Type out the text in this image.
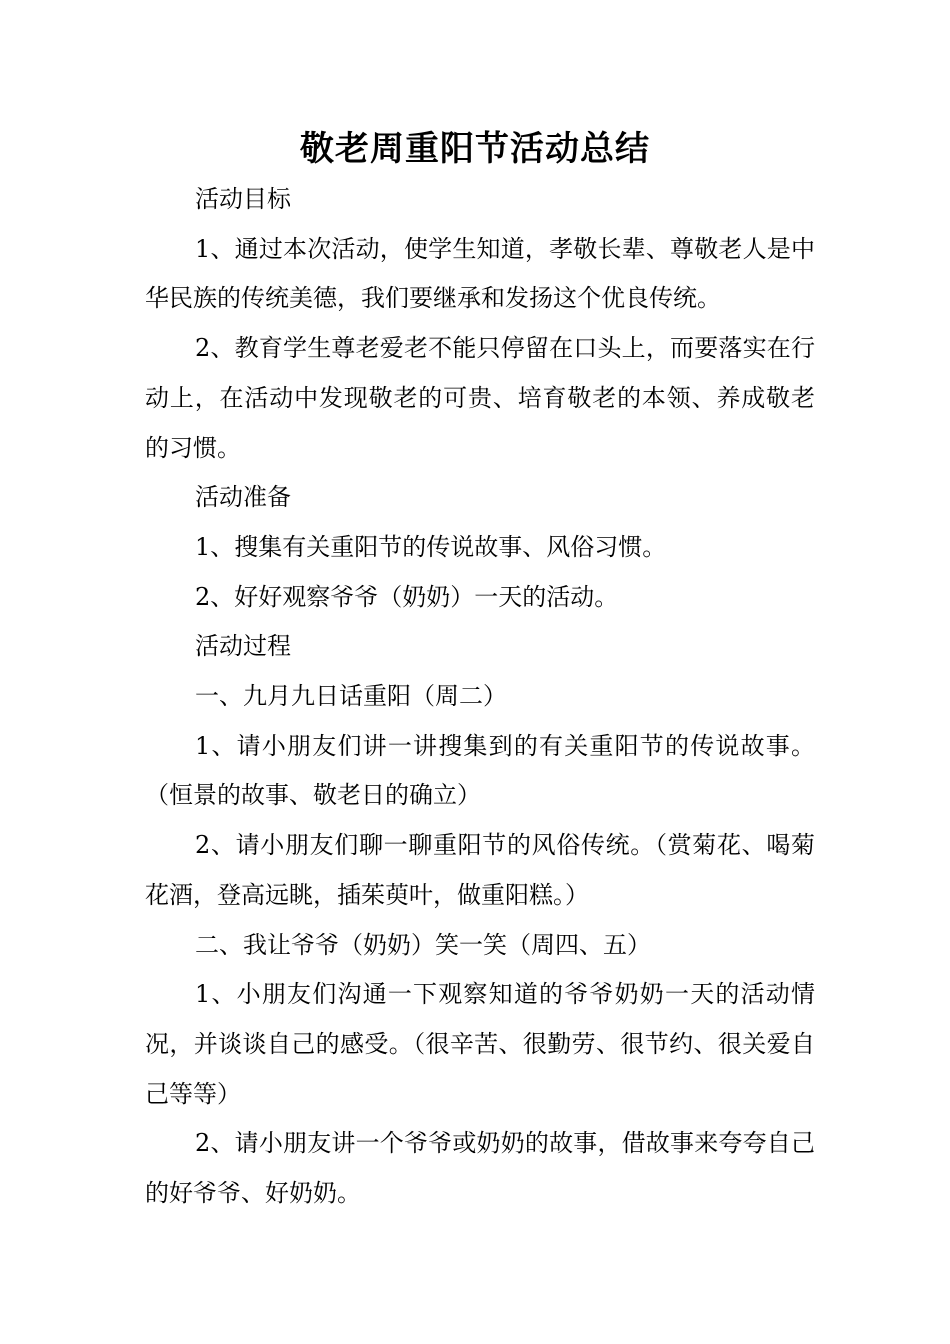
敬老周重阳节活动总结

活动目标

1、通过本次活动，使学生知道，孝敬长辈、尊敬老人是中华民族的传统美德，我们要继承和发扬这个优良传统。

2、教育学生尊老爱老不能只停留在口头上，而要落实在行动上，在活动中发现敬老的可贵、培育敬老的本领、养成敬老的习惯。

活动准备

1、搜集有关重阳节的传说故事、风俗习惯。

2、好好观察爷爷（奶奶）一天的活动。

活动过程

一、九月九日话重阳（周二）

1、请小朋友们讲一讲搜集到的有关重阳节的传说故事。（恒景的故事、敬老日的确立）

2、请小朋友们聊一聊重阳节的风俗传统。（赏菊花、喝菊花酒，登高远眺，插茱萸叶，做重阳糕。）

二、我让爷爷（奶奶）笑一笑（周四、五）

1、小朋友们沟通一下观察知道的爷爷奶奶一天的活动情况，并谈谈自己的感受。（很辛苦、很勤劳、很节约、很关爱自己等等）

2、请小朋友讲一个爷爷或奶奶的故事，借故事来夸夸自己的好爷爷、好奶奶。
